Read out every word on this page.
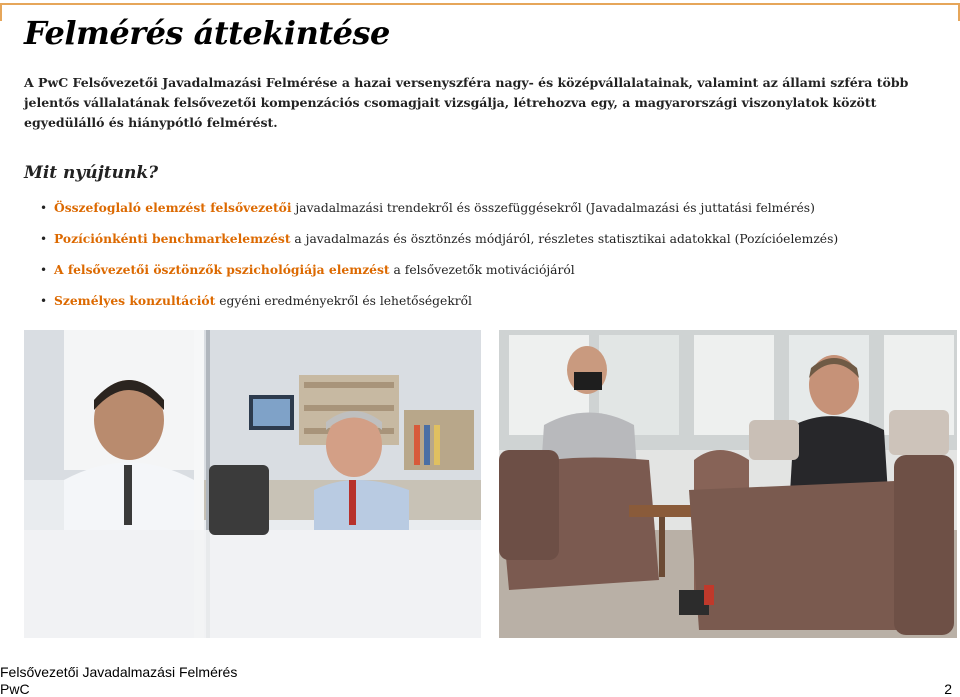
Felmérés áttekintése

A PwC Felsővezetői Javadalmazási Felmérése a hazai versenyszféra nagy- és középvállalatainak, valamint az állami szféra több jelentős vállalatának felsővezetői kompenzációs csomagjait vizsgálja, létrehozva egy, a magyarországi viszonylatok között egyedülálló és hiánypótló felmérést.

Mit nyújtunk?
• Összefoglaló elemzést felsővezetői javadalmazási trendekről és összefüggésekről (Javadalmazási és juttatási felmérés)
• Pozíciónkénti benchmarkelemzést a javadalmazás és ösztönzés módjáról, részletes statisztikai adatokkal (Pozícióelemzés)
• A felsővezetői ösztönzők pszichológiája elemzést a felsővezetők motivációjáról
• Személyes konzultációt egyéni eredményekről és lehetőségekről
Felsővezetői Javadalmazási Felmérés
PwC	2
